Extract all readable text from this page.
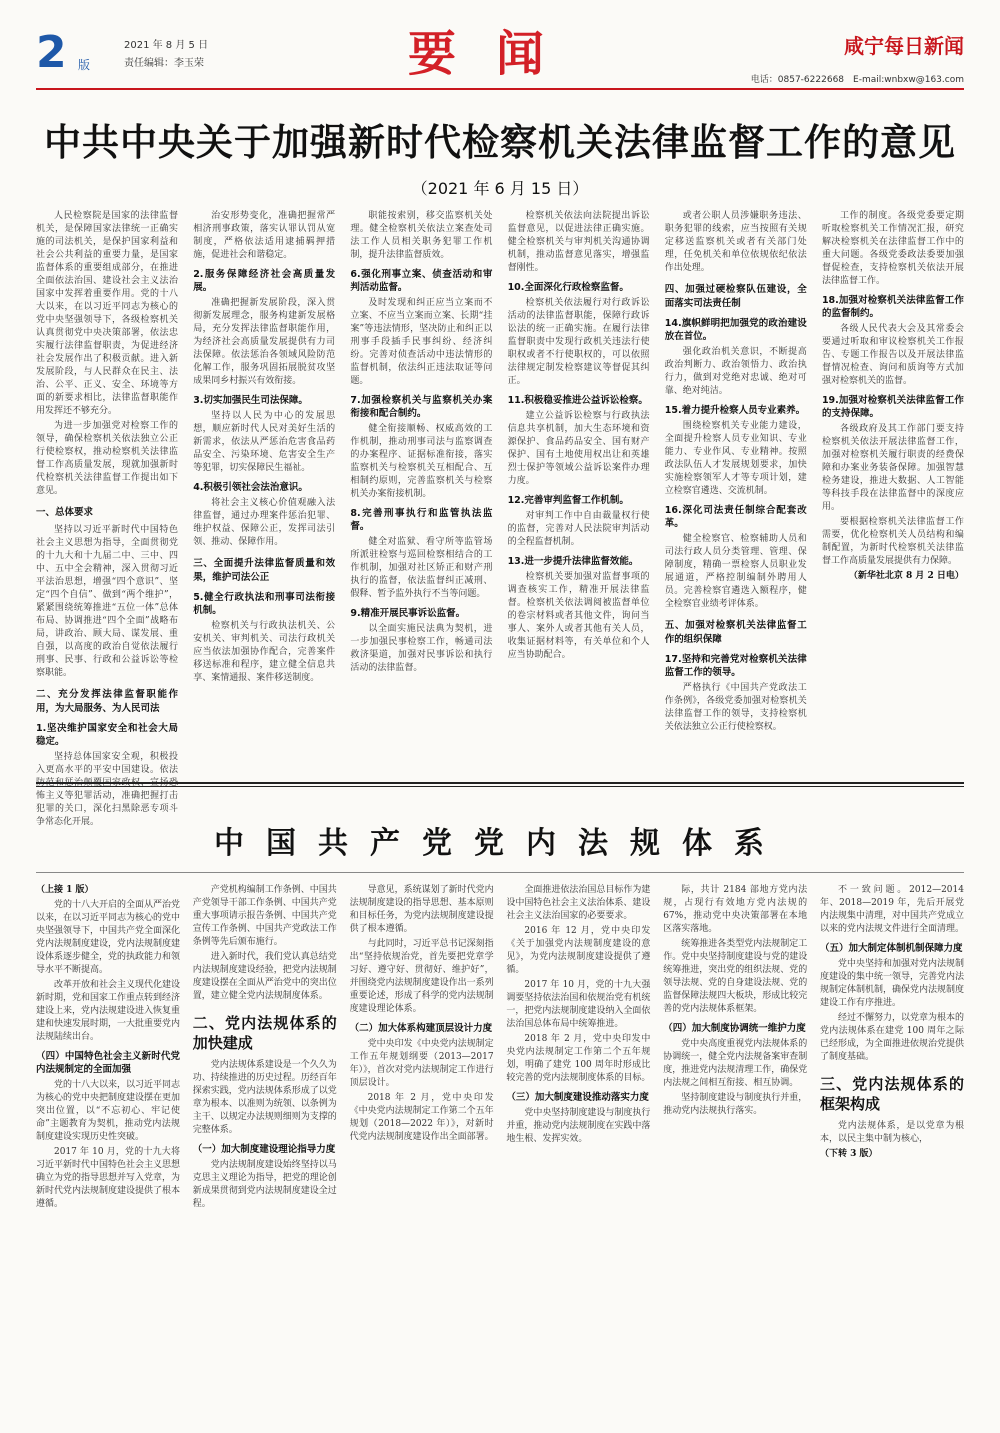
2 版
2021 年 8 月 5 日
责任编辑：李玉荣	要闻	咸宁每日新闻
电话：0857-6222668　E-mail:wnbxw@163.com
中共中央关于加强新时代检察机关法律监督工作的意见
（2021 年 6 月 15 日）

人民检察院是国家的法律监督机关，是保障国家法律统一正确实施的司法机关，是保护国家利益和社会公共利益的重要力量，是国家监督体系的重要组成部分，在推进全面依法治国、建设社会主义法治国家中发挥着重要作用。党的十八大以来，在以习近平同志为核心的党中央坚强领导下，各级检察机关认真贯彻党中央决策部署，依法忠实履行法律监督职责，为促进经济社会发展作出了积极贡献。进入新发展阶段，与人民群众在民主、法治、公平、正义、安全、环境等方面的新要求相比，法律监督职能作用发挥还不够充分。

为进一步加强党对检察工作的领导，确保检察机关依法独立公正行使检察权，推动检察机关法律监督工作高质量发展，现就加强新时代检察机关法律监督工作提出如下意见。

一、总体要求

坚持以习近平新时代中国特色社会主义思想为指导，全面贯彻党的十九大和十九届二中、三中、四中、五中全会精神，深入贯彻习近平法治思想，增强“四个意识”、坚定“四个自信”、做到“两个维护”，紧紧围绕统筹推进“五位一体”总体布局、协调推进“四个全面”战略布局，讲政治、顾大局、谋发展、重自强，以高度的政治自觉依法履行刑事、民事、行政和公益诉讼等检察职能。

二、充分发挥法律监督职能作用，为大局服务、为人民司法

1.坚决维护国家安全和社会大局稳定。

坚持总体国家安全观，积极投入更高水平的平安中国建设。依法 怖主义等犯罪活动，准确把握打击犯罪的关口，深化扫黑除恶专项斗争常态化开展。

治安形势变化，准确把握常严相济刑事政策，落实认罪认罚从宽制度，严格依法适用逮捕羁押措施，促进社会和谐稳定。

2.服务保障经济社会高质量发展。

准确把握新发展阶段，深入贯彻新发展理念，服务构建新发展格局，充分发挥法律监督职能作用，为经济社会高质量发展提供有力司法保障。依法惩治各领域风险防范化解工作，服务巩固拓展脱贫攻坚成果同乡村振兴有效衔接。

3.切实加强民生司法保障。

坚持以人民为中心的发展思想，顺应新时代人民对美好生活的新需求，依法从严惩治危害食品药品安全、污染环境、危害安全生产等犯罪，切实保障民生福祉。

4.积极引领社会法治意识。

将社会主义核心价值观融入法律监督，通过办理案件惩治犯罪、维护权益、保障公正，发挥司法引领、推动、保障作用。

三、全面提升法律监督质量和效果，维护司法公正

5.健全行政执法和刑事司法衔接机制。

检察机关与行政执法机关、公安机关、审判机关、司法行政机关应当依法加强协作配合，完善案件移送标准和程序，建立健全信息共享、案情通报、案件移送制度。

职能按索别，移交监察机关处理。健全检察机关依法立案查处司法工作人员相关职务犯罪工作机制，提升法律监督质效。

6.强化刑事立案、侦查活动和审判活动监督。

及时发现和纠正应当立案而不立案、不应当立案而立案、长期“挂案”等违法情形，坚决防止和纠正以刑事手段插手民事纠纷、经济纠纷。完善对侦查活动中违法情形的监督机制，依法纠正违法取证等问题。

7.加强检察机关与监察机关办案衔接和配合制约。

健全衔接顺畅、权威高效的工作机制，推动刑事司法与监察调查的办案程序、证据标准衔接，落实监察机关与检察机关互相配合、互相制约原则，完善监察机关与检察机关办案衔接机制。

8.完善刑事执行和监管执法监督。

健全对监狱、看守所等监管场所派驻检察与巡回检察相结合的工作机制，加强对社区矫正和财产刑执行的监督，依法监督纠正减刑、假释、暂予监外执行不当等问题。

9.精准开展民事诉讼监督。

以全面实施民法典为契机，进一步加强民事检察工作，畅通司法救济渠道，加强对民事诉讼和执行活动的法律监督。

检察机关依法向法院提出诉讼监督意见，以促进法律正确实施。健全检察机关与审判机关沟通协调机制，推动监督意见落实，增强监督刚性。

10.全面深化行政检察监督。

检察机关依法履行对行政诉讼活动的法律监督职能，保障行政诉讼法的统一正确实施。在履行法律监督职责中发现行政机关违法行使职权或者不行使职权的，可以依照法律规定制发检察建议等督促其纠正。

11.积极稳妥推进公益诉讼检察。

建立公益诉讼检察与行政执法信息共享机制，加大生态环境和资源保护、食品药品安全、国有财产保护、国有土地使用权出让和英雄烈士保护等领域公益诉讼案件办理力度。

12.完善审判监督工作机制。

对审判工作中自由裁量权行使的监督，完善对人民法院审判活动的全程监督机制。

13.进一步提升法律监督效能。

检察机关要加强对监督事项的调查核实工作，精准开展法律监督。检察机关依法调阅被监督单位的卷宗材料或者其他文件，询问当事人、案外人或者其他有关人员，收集证据材料等，有关单位和个人应当协助配合。

或者公职人员涉嫌职务违法、职务犯罪的线索，应当按照有关规定移送监察机关或者有关部门处理，任免机关和单位依规依纪依法作出处理。

四、加强过硬检察队伍建设，全面落实司法责任制

14.旗帜鲜明把加强党的政治建设放在首位。

强化政治机关意识，不断提高政治判断力、政治领悟力、政治执行力，做到对党绝对忠诚、绝对可靠、绝对纯洁。

15.着力提升检察人员专业素养。

围绕检察机关专业能力建设，全面提升检察人员专业知识、专业能力、专业作风、专业精神。按照政法队伍人才发展规划要求，加快实施检察领军人才等专项计划，建立检察官遴选、交流机制。

16.深化司法责任制综合配套改革。

健全检察官、检察辅助人员和司法行政人员分类管理、管理、保障制度，精确一票检察人员职业发展通道，严格控制编制外聘用人员。完善检察官遴选入额程序，健全检察官业绩考评体系。

五、加强对检察机关法律监督工作的组织保障

17.坚持和完善党对检察机关法律监督工作的领导。

严格执行《中国共产党政法工作条例》，各级党委加强对检察机关法律监督工作的领导，支持检察机关依法独立公正行使检察权。

工作的制度。各级党委要定期听取检察机关工作情况汇报，研究解决检察机关在法律监督工作中的重大问题。各级党委政法委要加强督促检查，支持检察机关依法开展法律监督工作。

18.加强对检察机关法律监督工作的监督制约。

各级人民代表大会及其常委会要通过听取和审议检察机关工作报告、专题工作报告以及开展法律监督情况检查、询问和质询等方式加强对检察机关的监督。

19.加强对检察机关法律监督工作的支持保障。

各级政府及其工作部门要支持检察机关依法开展法律监督工作，加强对检察机关履行职责的经费保障和办案业务装备保障。加强智慧检务建设，推进大数据、人工智能等科技手段在法律监督中的深度应用。

要根据检察机关法律监督工作需要，优化检察机关人员结构和编制配置，为新时代检察机关法律监督工作高质量发展提供有力保障。

（新华社北京 8 月 2 日电）

中国共产党党内法规体系

（上接 1 版）

党的十八大开启的全面从严治党以来，在以习近平同志为核心的党中央坚强领导下，中国共产党全面深化党内法规制度建设，党内法规制度建设体系逐步健全，党的执政能力和领导水平不断提高。

改革开放和社会主义现代化建设新时期，党和国家工作重点转到经济建设上来，党内法规建设进入恢复重建和快速发展时期，一大批重要党内法规陆续出台。

（四）中国特色社会主义新时代党内法规制定的全面加强

党的十八大以来，以习近平同志为核心的党中央把制度建设摆在更加突出位置，以“不忘初心、牢记使命”主题教育为契机，推动党内法规制度建设实现历史性突破。

2017 年 10 月，党的十九大将习近平新时代中国特色社会主义思想确立为党的指导思想并写入党章，为新时代党内法规制度建设提供了根本遵循。

产党机构编制工作条例、中国共产党领导干部工作条例、中国共产党重大事项请示报告条例、中国共产党宣传工作条例、中国共产党政法工作条例等先后颁布施行。

进入新时代，我们党认真总结党内法规制度建设经验，把党内法规制度建设摆在全面从严治党中的突出位置，建立健全党内法规制度体系。

二、党内法规体系的加快建成

党内法规体系建设是一个久久为功、持续推进的历史过程。历经百年探索实践，党内法规体系形成了以党章为根本、以准则为统领、以条例为主干、以规定办法规则细则为支撑的完整体系。

（一）加大制度建设理论指导力度

党内法规制度建设始终坚持以马克思主义理论为指导，把党的理论创新成果贯彻到党内法规制度建设全过程。

导意见，系统谋划了新时代党内法规制度建设的指导思想、基本原则和目标任务，为党内法规制度建设提供了根本遵循。

与此同时，习近平总书记深刻指出“坚持依规治党，首先要把党章学习好、遵守好、贯彻好、维护好”，并围绕党内法规制度建设作出一系列重要论述，形成了科学的党内法规制度建设理论体系。

（二）加大体系构建顶层设计力度

党中央印发《中央党内法规制定工作五年规划纲要（2013—2017 年）》，首次对党内法规制定工作进行顶层设计。

2018 年 2 月，党中央印发《中央党内法规制定工作第二个五年规划（2018—2022 年）》，对新时代党内法规制度建设作出全面部署。

全面推进依法治国总目标作为建设中国特色社会主义法治体系、建设社会主义法治国家的必要要求。

2016 年 12 月，党中央印发《关于加强党内法规制度建设的意见》，为党内法规制度建设提供了遵循。

2017 年 10 月，党的十九大强调要坚持依法治国和依规治党有机统一，把党内法规制度建设纳入全面依法治国总体布局中统筹推进。

2018 年 2 月，党中央印发中央党内法规制定工作第二个五年规划，明确了建党 100 周年时形成比较完善的党内法规制度体系的目标。

（三）加大制度建设推动落实力度

党中央坚持制度建设与制度执行并重，推动党内法规制度在实践中落地生根、发挥实效。

际，共计 2184 部地方党内法规，占现行有效地方党内法规的 67%，推动党中央决策部署在本地区落实落地。

统筹推进各类型党内法规制定工作。党中央坚持制度建设与党的建设统筹推进，突出党的组织法规、党的领导法规、党的自身建设法规、党的监督保障法规四大板块，形成比较完善的党内法规体系框架。

（四）加大制度协调统一维护力度

党中央高度重视党内法规体系的协调统一，健全党内法规备案审查制度，推进党内法规清理工作，确保党内法规之间相互衔接、相互协调。

坚持制度建设与制度执行并重，推动党内法规执行落实。

不一致问题。2012—2014 年、2018—2019 年，先后开展党内法规集中清理，对中国共产党成立以来的党内法规文件进行全面清理。

（五）加大制定体制机制保障力度

党中央坚持和加强对党内法规制度建设的集中统一领导，完善党内法规制定体制机制，确保党内法规制度建设工作有序推进。

经过不懈努力，以党章为根本的党内法规体系在建党 100 周年之际已经形成，为全面推进依规治党提供了制度基础。

三、党内法规体系的框架构成

党内法规体系，是以党章为根本，以民主集中制为核心，

（下转 3 版）
